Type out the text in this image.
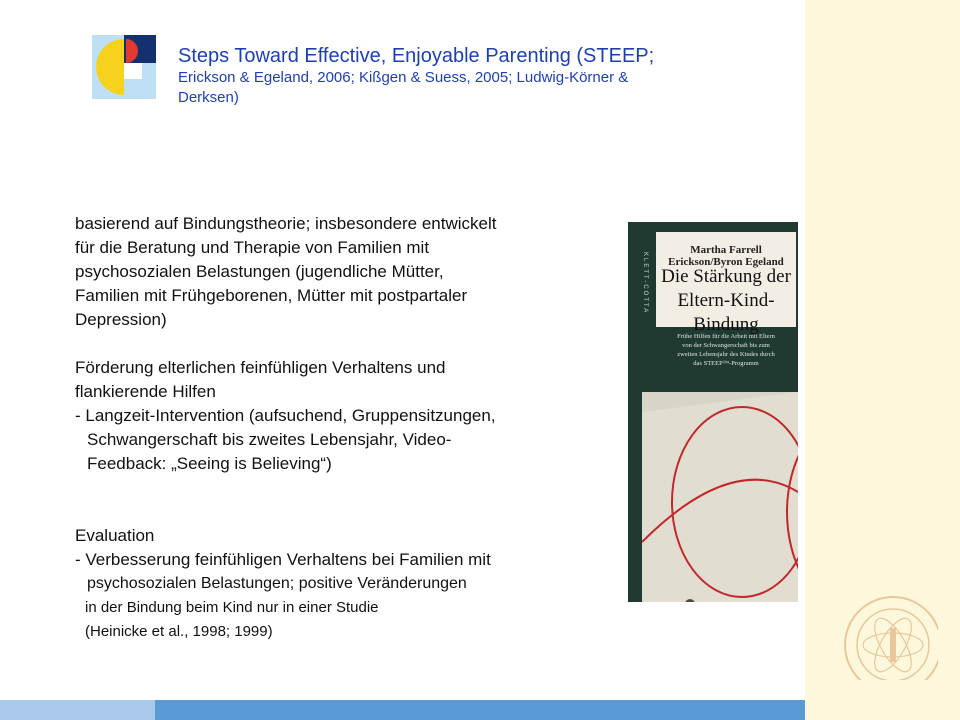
Steps Toward Effective, Enjoyable Parenting (STEEP;
Erickson & Egeland, 2006; Kißgen & Suess, 2005; Ludwig-Körner &
Derksen)

basierend auf Bindungstheorie; insbesondere entwickelt

für die Beratung und Therapie von Familien mit

psychosozialen Belastungen (jugendliche Mütter,

Familien mit Frühgeborenen, Mütter mit postpartaler

Depression)

Förderung elterlichen feinfühligen Verhaltens und

flankierende Hilfen

- Langzeit-Intervention (aufsuchend, Gruppensitzungen,

Schwangerschaft bis zweites Lebensjahr, Video-

Feedback: „Seeing is Believing“)

Evaluation

- Verbesserung feinfühligen Verhaltens bei Familien mit

psychosozialen Belastungen; positive Veränderungen

in der Bindung beim Kind nur in einer Studie

(Heinicke et al., 1998; 1999)

KLETT-COTTA
Martha Farrell Erickson/Byron Egeland
Die Stärkung der
Eltern-Kind-Bindung
Frühe Hilfen für die Arbeit mit Eltern
von der Schwangerschaft bis zum
zweiten Lebensjahr des Kindes durch
das STEEP™-Programm
